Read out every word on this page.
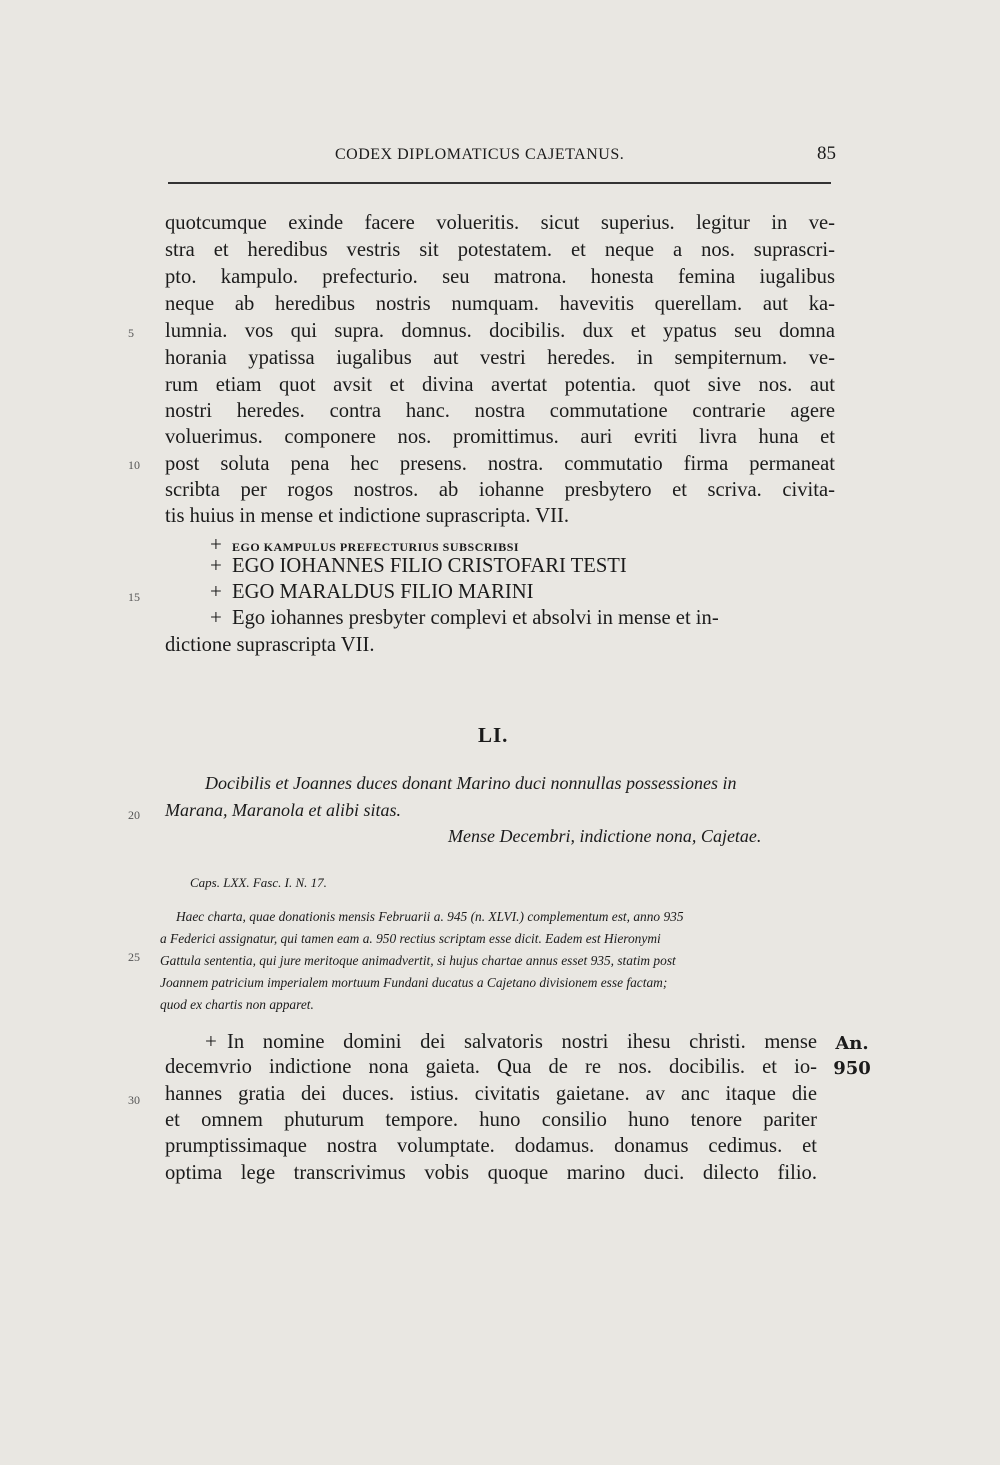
CODEX DIPLOMATICUS CAJETANUS.	85
quotcumque exinde facere volueritis. sicut superius. legitur in ve-
stra et heredibus vestris sit potestatem. et neque a nos. suprascri-
pto. kampulo. prefecturio. seu matrona. honesta femina iugalibus
neque ab heredibus nostris numquam. havevitis querellam. aut ka-
lumnia. vos qui supra. domnus. docibilis. dux et ypatus seu domna
horania ypatissa iugalibus aut vestri heredes. in sempiternum. ve-
rum etiam quot avsit et divina avertat potentia. quot sive nos. aut
nostri heredes. contra hanc. nostra commutatione contrarie agere
voluerimus. componere nos. promittimus. auri evriti livra huna et
post soluta pena hec presens. nostra. commutatio firma permaneat
scribta per rogos nostros. ab iohanne presbytero et scriva. civita-
tis huius in mense et indictione suprascripta. VII.
5
10
15
20
25
30
+ EGO KAMPULUS PREFECTURIUS SUBSCRIBSI
+ EGO IOHANNES FILIO CRISTOFARI TESTI
+ EGO MARALDUS FILIO MARINI
+ Ego iohannes presbyter complevi et absolvi in mense et in-
dictione suprascripta VII.
LI.
Docibilis et Joannes duces donant Marino duci nonnullas possessiones in
Marana, Maranola et alibi sitas.
Mense Decembri, indictione nona, Cajetae.
Caps. LXX. Fasc. I. N. 17.
Haec charta, quae donationis mensis Februarii a. 945 (n. XLVI.) complementum est, anno 935
a Federici assignatur, qui tamen eam a. 950 rectius scriptam esse dicit. Eadem est Hieronymi
Gattula sententia, qui jure meritoque animadvertit, si hujus chartae annus esset 935, statim post
Joannem patricium imperialem mortuum Fundani ducatus a Cajetano divisionem esse factam;
quod ex chartis non apparet.
+ In nomine domini dei salvatoris nostri ihesu christi. mense
decemvrio indictione nona gaieta. Qua de re nos. docibilis. et io-
hannes gratia dei duces. istius. civitatis gaietane. av anc itaque die
et omnem phuturum tempore. huno consilio huno tenore pariter
prumptissimaque nostra volumptate. dodamus. donamus cedimus. et
optima lege transcrivimus vobis quoque marino duci. dilecto filio.
An.
950
